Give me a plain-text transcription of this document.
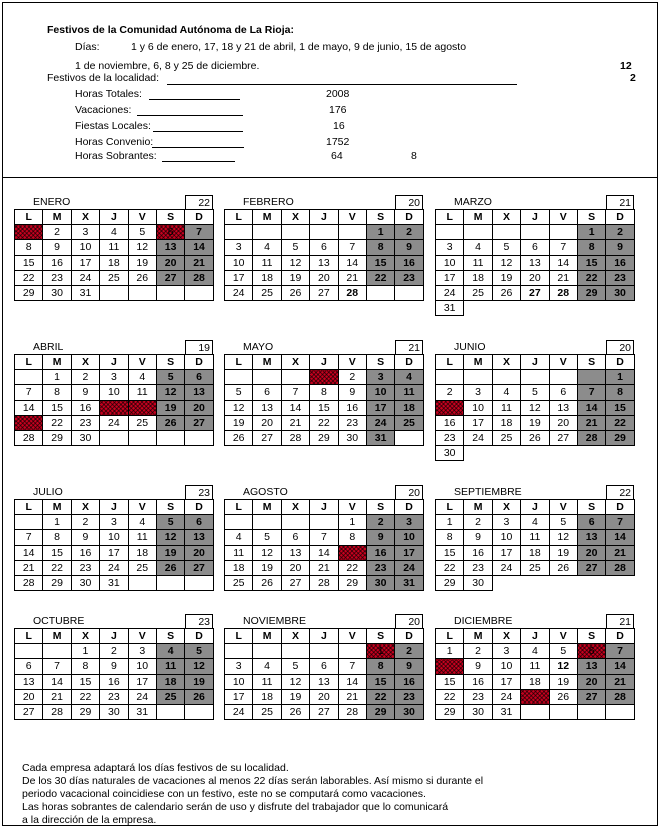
Festivos de la Comunidad Autónoma de La Rioja:
Días:	1 y 6 de enero, 17, 18 y 21 de abril, 1 de mayo, 9 de junio, 15 de agosto
1 de noviembre, 6, 8 y 25 de diciembre.	12
Festivos de la localidad:	2
Horas Totales:	2008
Vacaciones:	176
Fiestas Locales:	16
Horas Convenio:	1752
Horas Sobrantes:	64	8
ENERO	22
L	M	X	J	V	S	D
	2	3	4	5	6	7
8	9	10	11	12	13	14
15	16	17	18	19	20	21
22	23	24	25	26	27	28
29	30	31				
FEBRERO	20
L	M	X	J	V	S	D
					1	2
3	4	5	6	7	8	9
10	11	12	13	14	15	16
17	18	19	20	21	22	23
24	25	26	27	28		
MARZO	21
L	M	X	J	V	S	D
					1	2
3	4	5	6	7	8	9
10	11	12	13	14	15	16
17	18	19	20	21	22	23
24	25	26	27	28	29	30
31						
ABRIL	19
L	M	X	J	V	S	D
	1	2	3	4	5	6
7	8	9	10	11	12	13
14	15	16			19	20
	22	23	24	25	26	27
28	29	30				
MAYO	21
L	M	X	J	V	S	D
				2	3	4
5	6	7	8	9	10	11
12	13	14	15	16	17	18
19	20	21	22	23	24	25
26	27	28	29	30	31	
JUNIO	20
L	M	X	J	V	S	D
						1
2	3	4	5	6	7	8
	10	11	12	13	14	15
16	17	18	19	20	21	22
23	24	25	26	27	28	29
30						
JULIO	23
L	M	X	J	V	S	D
	1	2	3	4	5	6
7	8	9	10	11	12	13
14	15	16	17	18	19	20
21	22	23	24	25	26	27
28	29	30	31			
AGOSTO	20
L	M	X	J	V	S	D
				1	2	3
4	5	6	7	8	9	10
11	12	13	14		16	17
18	19	20	21	22	23	24
25	26	27	28	29	30	31
SEPTIEMBRE	22
L	M	X	J	V	S	D
1	2	3	4	5	6	7
8	9	10	11	12	13	14
15	16	17	18	19	20	21
22	23	24	25	26	27	28
29	30					
OCTUBRE	23
L	M	X	J	V	S	D
		1	2	3	4	5
6	7	8	9	10	11	12
13	14	15	16	17	18	19
20	21	22	23	24	25	26
27	28	29	30	31		
NOVIEMBRE	20
L	M	X	J	V	S	D
					1	2
3	4	5	6	7	8	9
10	11	12	13	14	15	16
17	18	19	20	21	22	23
24	25	26	27	28	29	30
DICIEMBRE	21
L	M	X	J	V	S	D
1	2	3	4	5	6	7
	9	10	11	12	13	14
15	16	17	18	19	20	21
22	23	24		26	27	28
29	30	31				
Cada empresa adaptará los días festivos de su localidad.
De los 30 días naturales de vacaciones al menos 22 días serán laborables. Así mismo si durante el
periodo vacacional coincidiese con un festivo, este no se computará como vacaciones.
Las horas sobrantes de calendario serán de uso y disfrute del trabajador que lo comunicará
a la dirección de la empresa.
